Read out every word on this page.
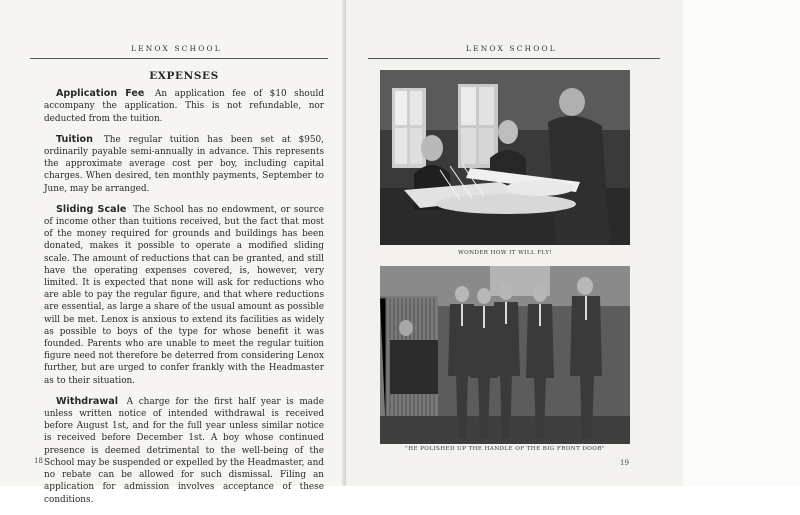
LENOX SCHOOL
EXPENSES

Application Fee An application fee of $10 should accompany the application. This is not refundable, nor deducted from the tuition.

Tuition The regular tuition has been set at $950, ordinarily payable semi-annually in advance. This represents the approximate average cost per boy, including capital charges. When desired, ten monthly payments, September to June, may be arranged.

Sliding Scale The School has no endowment, or source of income other than tuitions received, but the fact that most of the money required for grounds and buildings has been donated, makes it possible to operate a modified sliding scale. The amount of reductions that can be granted, and still have the operating expenses covered, is, however, very limited. It is expected that none will ask for reductions who are able to pay the regular figure, and that where reductions are essential, as large a share of the usual amount as possible will be met. Lenox is anxious to extend its facilities as widely as possible to boys of the type for whose benefit it was founded. Parents who are unable to meet the regular tuition figure need not therefore be deterred from considering Lenox further, but are urged to confer frankly with the Headmaster as to their situation.

Withdrawal A charge for the first half year is made unless written notice of intended withdrawal is received before August 1st, and for the full year unless similar notice is received before December 1st. A boy whose continued presence is deemed detrimental to the well-being of the School may be suspended or expelled by the Headmaster, and no rebate can be allowed for such dismissal. Filing an application for admission involves acceptance of these conditions.

18
LENOX SCHOOL
19
WONDER HOW IT WILL FLY!
"HE POLISHED UP THE HANDLE OF THE BIG FRONT DOOR"
